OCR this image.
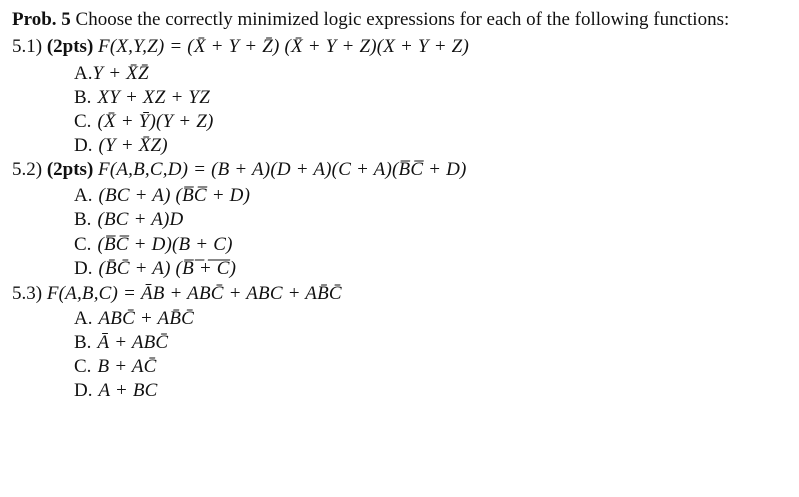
Prob. 5 Choose the correctly minimized logic expressions for each of the following functions:
5.1) (2pts) F(X,Y,Z) = (X̄ + Y + Z̄) (X̄ + Y + Z)(X + Y + Z)
A.Y + X̄Z̄
B. XY + XZ + YZ
C. (X̄ + Ȳ)(Y + Z)
D. (Y + X̄Z)
5.2) (2pts) F(A,B,C,D) = (B + A)(D + A)(C + A)(B̅C̅ + D)
A. (BC + A) (B̅C̅ + D)
B. (BC + A)D
C. (B̅C̅ + D)(B + C)
D. (B̄C̄ + A) (B̅ ̅+̅ ̅C̅)
5.3) F(A,B,C) = ĀB + ABC̄ + ABC + AB̄C̄
A. ABC̄ + AB̄C̄
B. Ā + ABC̄
C. B + AC̄
D. A + BC
